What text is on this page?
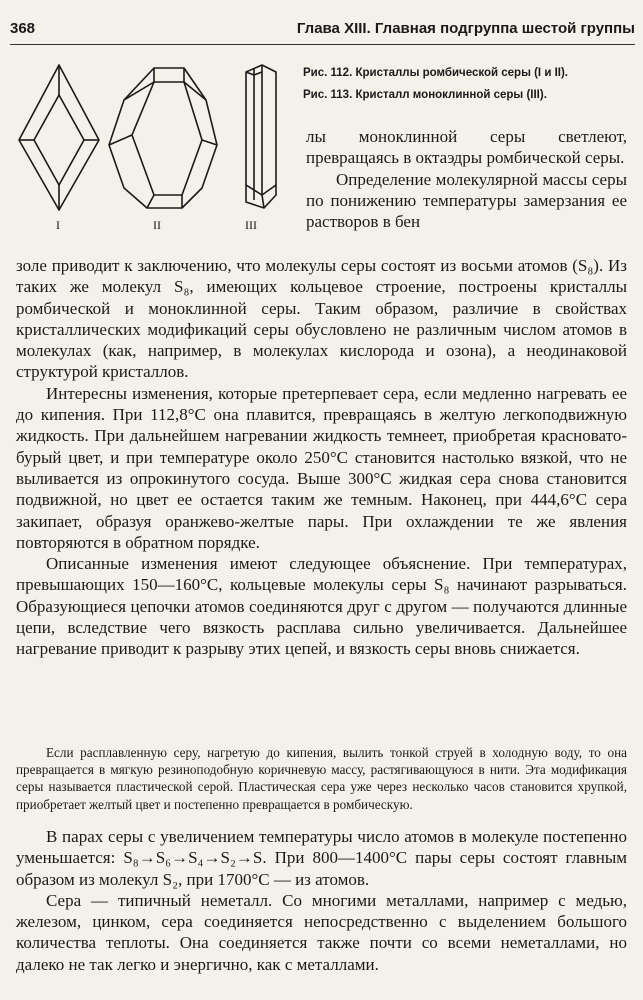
368	Глава XIII. Главная подгруппа шестой группы
I	II	III
Рис. 112. Кристаллы ромбической серы (I и II).
Рис. 113. Кристалл моноклинной серы (III).

лы моноклинной серы светлеют, превращаясь в октаэдры ромбической серы.

Определение молекулярной массы серы по понижению температуры замерзания ее растворов в бен

золе приводит к заключению, что молекулы серы состоят из восьми атомов (S₈). Из таких же молекул S₈, имеющих кольцевое строение, построены кристаллы ромбической и моноклинной серы. Таким образом, различие в свойствах кристаллических модификаций серы обусловлено не различным числом атомов в молекулах (как, например, в молекулах кислорода и озона), а неодинаковой структурой кристаллов.

Интересны изменения, которые претерпевает сера, если медленно нагревать ее до кипения. При 112,8°C она плавится, превращаясь в желтую легкоподвижную жидкость. При дальнейшем нагревании жидкость темнеет, приобретая красновато-бурый цвет, и при температуре около 250°C становится настолько вязкой, что не выливается из опрокинутого сосуда. Выше 300°C жидкая сера снова становится подвижной, но цвет ее остается таким же темным. Наконец, при 444,6°C сера закипает, образуя оранжево-желтые пары. При охлаждении те же явления повторяются в обратном порядке.

Описанные изменения имеют следующее объяснение. При температурах, превышающих 150—160°C, кольцевые молекулы серы S₈ начинают разрываться. Образующиеся цепочки атомов соединяются друг с другом — получаются длинные цепи, вследствие чего вязкость расплава сильно увеличивается. Дальнейшее нагревание приводит к разрыву этих цепей, и вязкость серы вновь снижается.

Если расплавленную серу, нагретую до кипения, вылить тонкой струей в холодную воду, то она превращается в мягкую резиноподобную коричневую массу, растягивающуюся в нити. Эта модификация серы называется пластической серой. Пластическая сера уже через несколько часов становится хрупкой, приобретает желтый цвет и постепенно превращается в ромбическую.

В парах серы с увеличением температуры число атомов в молекуле постепенно уменьшается: S₈→S₆→S₄→S₂→S. При 800—1400°C пары серы состоят главным образом из молекул S₂, при 1700°C — из атомов.

Сера — типичный неметалл. Со многими металлами, например с медью, железом, цинком, сера соединяется непосредственно с выделением большого количества теплоты. Она соединяется также почти со всеми неметаллами, но далеко не так легко и энергично, как с металлами.
